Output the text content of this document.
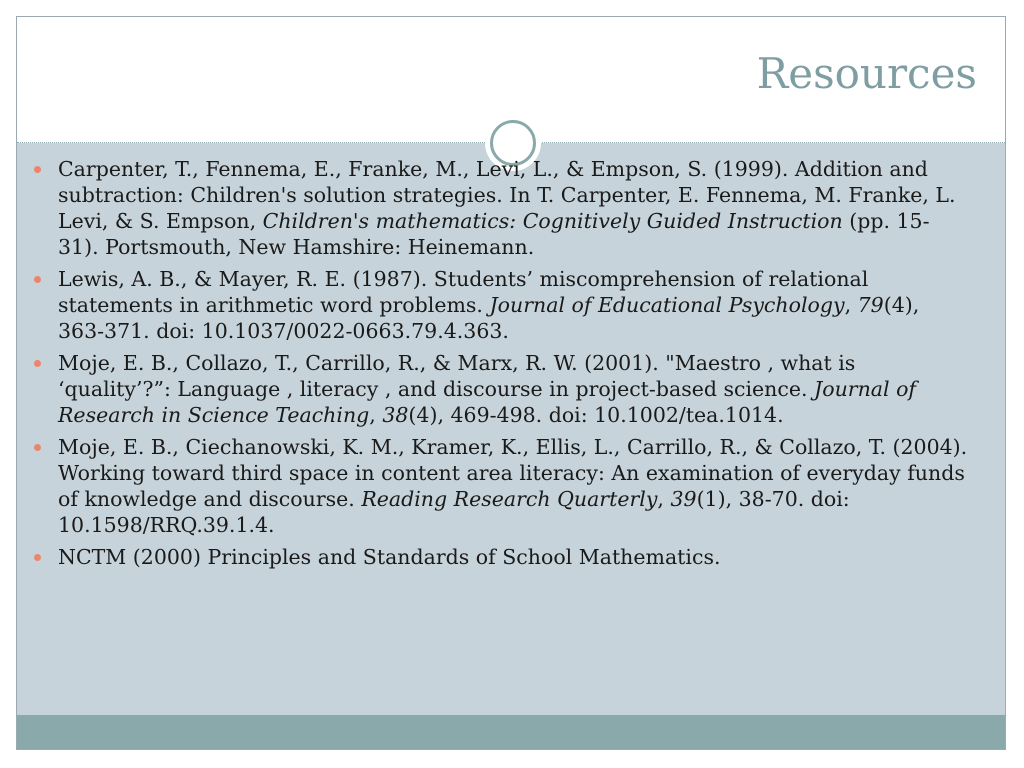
Resources
Carpenter, T., Fennema, E., Franke, M., Levi, L., & Empson, S. (1999). Addition and subtraction: Children's solution strategies. In T. Carpenter, E. Fennema, M. Franke, L. Levi, & S. Empson, Children's mathematics: Cognitively Guided Instruction (pp. 15-31). Portsmouth, New Hamshire: Heinemann.
Lewis, A. B., & Mayer, R. E. (1987). Students’ miscomprehension of relational statements in arithmetic word problems. Journal of Educational Psychology, 79(4), 363-371. doi: 10.1037/0022-0663.79.4.363.
Moje, E. B., Collazo, T., Carrillo, R., & Marx, R. W. (2001). "Maestro , what is ‘quality’?”: Language , literacy , and discourse in project-based science. Journal of Research in Science Teaching, 38(4), 469-498. doi: 10.1002/tea.1014.
Moje, E. B., Ciechanowski, K. M., Kramer, K., Ellis, L., Carrillo, R., & Collazo, T. (2004). Working toward third space in content area literacy: An examination of everyday funds of knowledge and discourse. Reading Research Quarterly, 39(1), 38-70. doi: 10.1598/RRQ.39.1.4.
NCTM (2000) Principles and Standards of School Mathematics.
